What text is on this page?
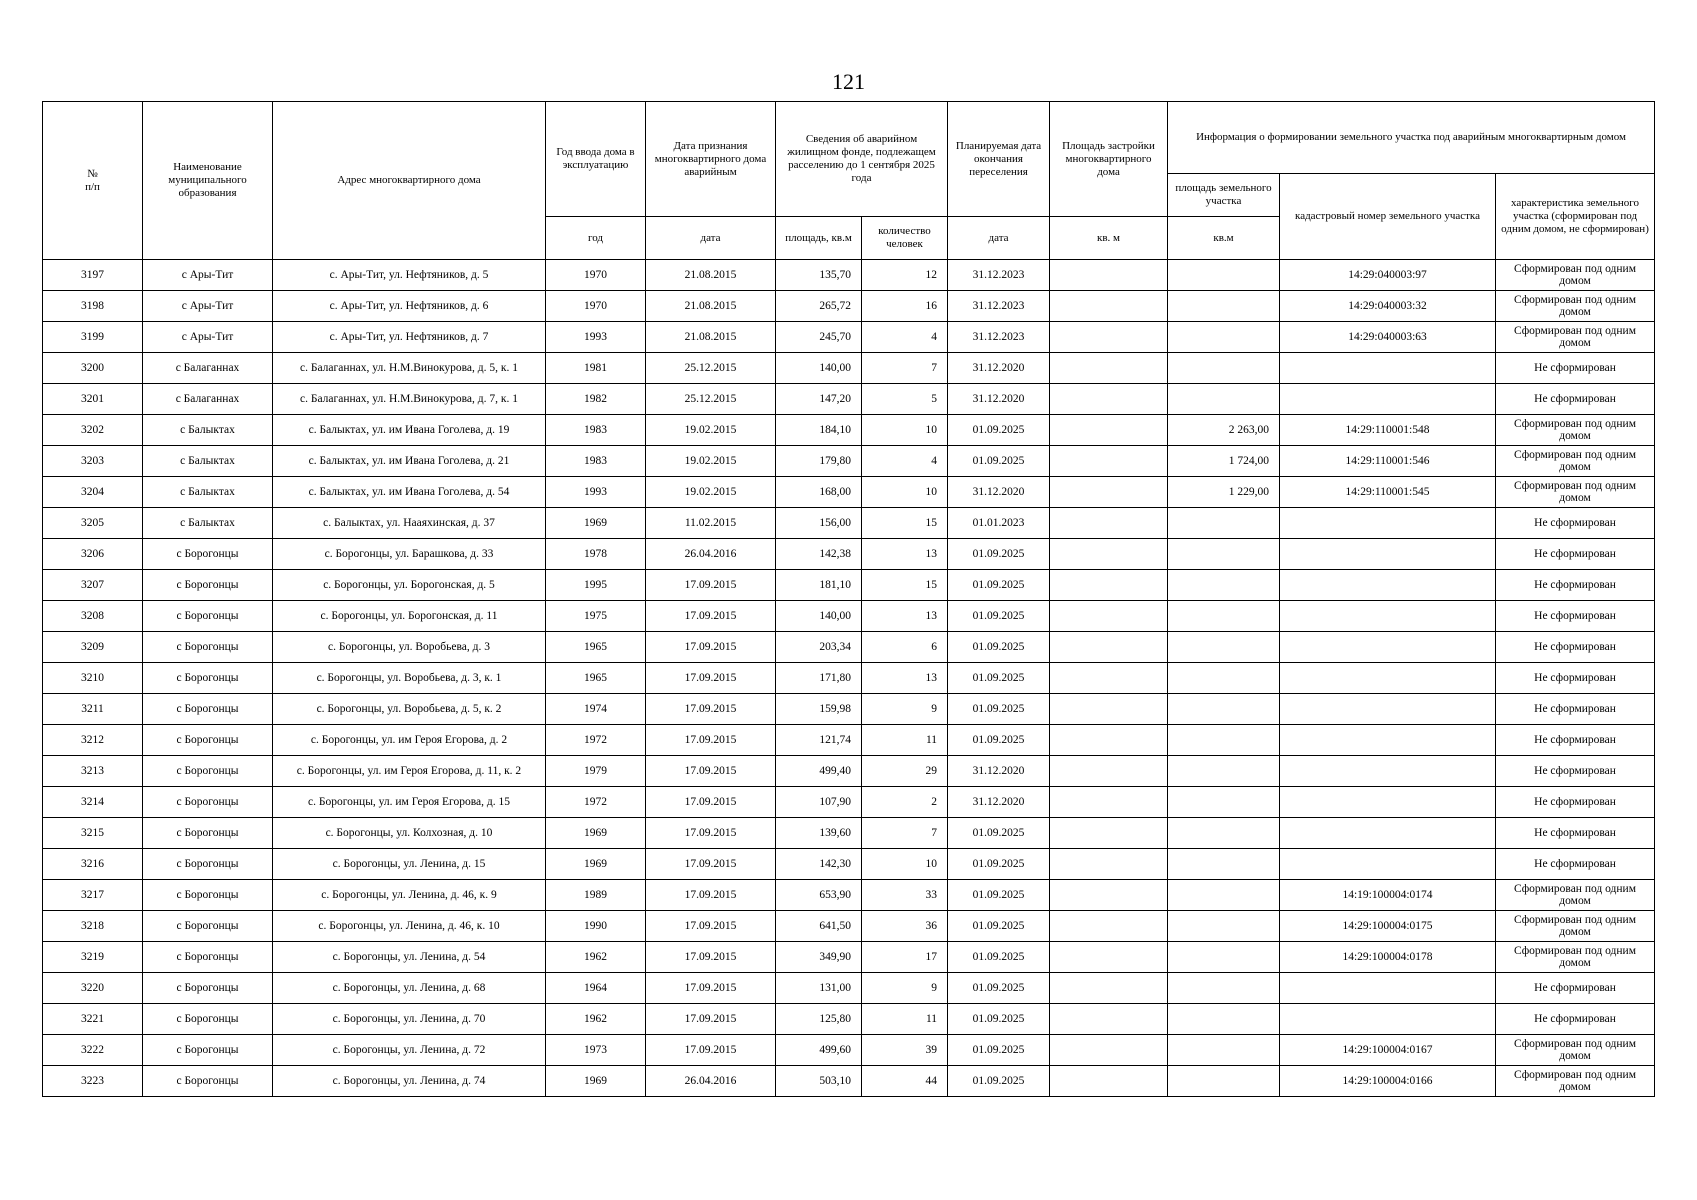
121
№
п/п	Наименование муниципального образования	Адрес многоквартирного дома	Год ввода дома в эксплуатацию	Дата признания многоквартирного дома аварийным	Сведения об аварийном жилищном фонде, подлежащем расселению до 1 сентября 2025 года		Планируемая дата окончания переселения	Площадь застройки многоквартирного дома	Информация о формировании земельного участка под аварийным многоквартирным домом		
									площадь земельного участка	кадастровый номер земельного участка	характеристика земельного участка (сформирован под одним домом, не сформирован)
			год	дата	площадь, кв.м	количество человек	дата	кв. м	кв.м		
3197	с Ары-Тит	с. Ары-Тит, ул. Нефтяников, д. 5	1970	21.08.2015	135,70	12	31.12.2023			14:29:040003:97	Сформирован под одним домом
3198	с Ары-Тит	с. Ары-Тит, ул. Нефтяников, д. 6	1970	21.08.2015	265,72	16	31.12.2023			14:29:040003:32	Сформирован под одним домом
3199	с Ары-Тит	с. Ары-Тит, ул. Нефтяников, д. 7	1993	21.08.2015	245,70	4	31.12.2023			14:29:040003:63	Сформирован под одним домом
3200	с Балаганнах	с. Балаганнах, ул. Н.М.Винокурова, д. 5, к. 1	1981	25.12.2015	140,00	7	31.12.2020				Не сформирован
3201	с Балаганнах	с. Балаганнах, ул. Н.М.Винокурова, д. 7, к. 1	1982	25.12.2015	147,20	5	31.12.2020				Не сформирован
3202	с Балыктах	с. Балыктах, ул. им Ивана Гоголева, д. 19	1983	19.02.2015	184,10	10	01.09.2025		2 263,00	14:29:110001:548	Сформирован под одним домом
3203	с Балыктах	с. Балыктах, ул. им Ивана Гоголева, д. 21	1983	19.02.2015	179,80	4	01.09.2025		1 724,00	14:29:110001:546	Сформирован под одним домом
3204	с Балыктах	с. Балыктах, ул. им Ивана Гоголева, д. 54	1993	19.02.2015	168,00	10	31.12.2020		1 229,00	14:29:110001:545	Сформирован под одним домом
3205	с Балыктах	с. Балыктах, ул. Нааяхинская, д. 37	1969	11.02.2015	156,00	15	01.01.2023				Не сформирован
3206	с Борогонцы	с. Борогонцы, ул. Барашкова, д. 33	1978	26.04.2016	142,38	13	01.09.2025				Не сформирован
3207	с Борогонцы	с. Борогонцы, ул. Борогонская, д. 5	1995	17.09.2015	181,10	15	01.09.2025				Не сформирован
3208	с Борогонцы	с. Борогонцы, ул. Борогонская, д. 11	1975	17.09.2015	140,00	13	01.09.2025				Не сформирован
3209	с Борогонцы	с. Борогонцы, ул. Воробьева, д. 3	1965	17.09.2015	203,34	6	01.09.2025				Не сформирован
3210	с Борогонцы	с. Борогонцы, ул. Воробьева, д. 3, к. 1	1965	17.09.2015	171,80	13	01.09.2025				Не сформирован
3211	с Борогонцы	с. Борогонцы, ул. Воробьева, д. 5, к. 2	1974	17.09.2015	159,98	9	01.09.2025				Не сформирован
3212	с Борогонцы	с. Борогонцы, ул. им Героя Егорова, д. 2	1972	17.09.2015	121,74	11	01.09.2025				Не сформирован
3213	с Борогонцы	с. Борогонцы, ул. им Героя Егорова, д. 11, к. 2	1979	17.09.2015	499,40	29	31.12.2020				Не сформирован
3214	с Борогонцы	с. Борогонцы, ул. им Героя Егорова, д. 15	1972	17.09.2015	107,90	2	31.12.2020				Не сформирован
3215	с Борогонцы	с. Борогонцы, ул. Колхозная, д. 10	1969	17.09.2015	139,60	7	01.09.2025				Не сформирован
3216	с Борогонцы	с. Борогонцы, ул. Ленина, д. 15	1969	17.09.2015	142,30	10	01.09.2025				Не сформирован
3217	с Борогонцы	с. Борогонцы, ул. Ленина, д. 46, к. 9	1989	17.09.2015	653,90	33	01.09.2025			14:19:100004:0174	Сформирован под одним домом
3218	с Борогонцы	с. Борогонцы, ул. Ленина, д. 46, к. 10	1990	17.09.2015	641,50	36	01.09.2025			14:29:100004:0175	Сформирован под одним домом
3219	с Борогонцы	с. Борогонцы, ул. Ленина, д. 54	1962	17.09.2015	349,90	17	01.09.2025			14:29:100004:0178	Сформирован под одним домом
3220	с Борогонцы	с. Борогонцы, ул. Ленина, д. 68	1964	17.09.2015	131,00	9	01.09.2025				Не сформирован
3221	с Борогонцы	с. Борогонцы, ул. Ленина, д. 70	1962	17.09.2015	125,80	11	01.09.2025				Не сформирован
3222	с Борогонцы	с. Борогонцы, ул. Ленина, д. 72	1973	17.09.2015	499,60	39	01.09.2025			14:29:100004:0167	Сформирован под одним домом
3223	с Борогонцы	с. Борогонцы, ул. Ленина, д. 74	1969	26.04.2016	503,10	44	01.09.2025			14:29:100004:0166	Сформирован под одним домом
